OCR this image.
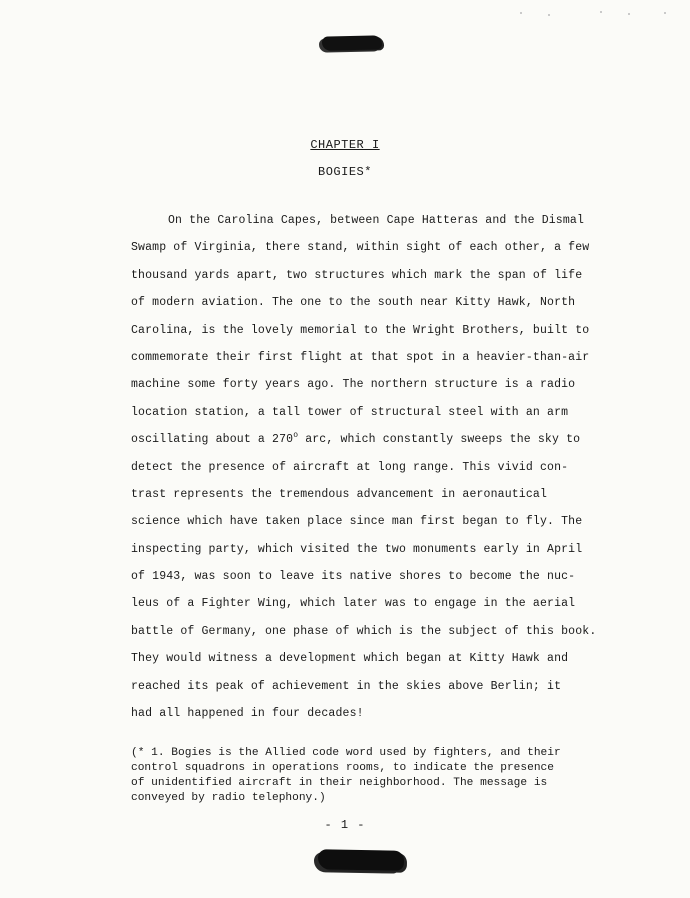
CHAPTER I
BOGIES*
On the Carolina Capes, between Cape Hatteras and the Dismal
Swamp of Virginia, there stand, within sight of each other, a few
thousand yards apart, two structures which mark the span of life
of modern aviation. The one to the south near Kitty Hawk, North
Carolina, is the lovely memorial to the Wright Brothers, built to
commemorate their first flight at that spot in a heavier-than-air
machine some forty years ago. The northern structure is a radio
location station, a tall tower of structural steel with an arm
oscillating about a 270$^o$ arc, which constantly sweeps the sky to
detect the presence of aircraft at long range. This vivid con-
trast represents the tremendous advancement in aeronautical
science which have taken place since man first began to fly. The
inspecting party, which visited the two monuments early in April
of 1943, was soon to leave its native shores to become the nuc-
leus of a Fighter Wing, which later was to engage in the aerial
battle of Germany, one phase of which is the subject of this book.
They would witness a development which began at Kitty Hawk and
reached its peak of achievement in the skies above Berlin; it
had all happened in four decades!
(* 1. Bogies is the Allied code word used by fighters, and their
control squadrons in operations rooms, to indicate the presence
of unidentified aircraft in their neighborhood. The message is
conveyed by radio telephony.)
- 1 -
